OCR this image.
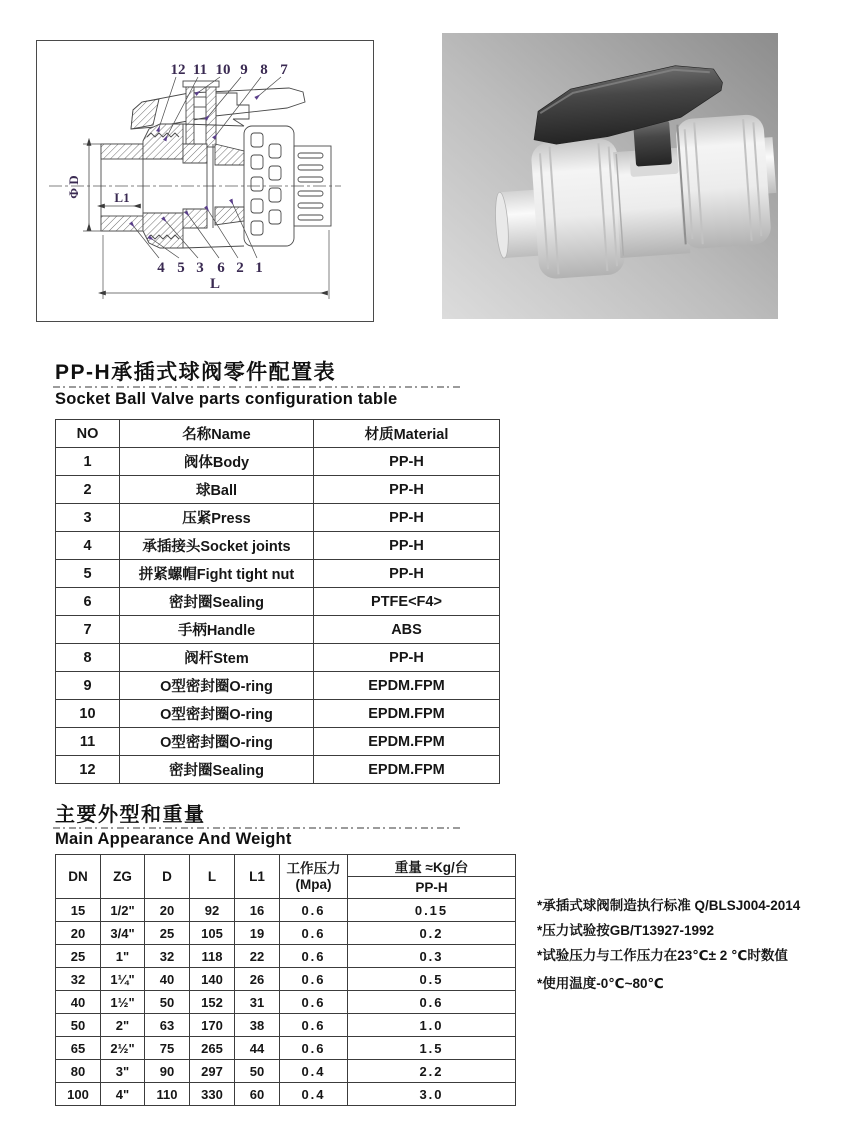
12 11 10 9 8 7
4 5 3 6 2 1
L1
L
Φ D
PP-H承插式球阀零件配置表
Socket Ball Valve parts configuration table
NO	名称Name	材质Material
1	阀体Body	PP-H
2	球Ball	PP-H
3	压紧Press	PP-H
4	承插接头Socket joints	PP-H
5	拼紧螺帽Fight tight nut	PP-H
6	密封圈Sealing	PTFE<F4>
7	手柄Handle	ABS
8	阀杆Stem	PP-H
9	O型密封圈O-ring	EPDM.FPM
10	O型密封圈O-ring	EPDM.FPM
11	O型密封圈O-ring	EPDM.FPM
12	密封圈Sealing	EPDM.FPM
主要外型和重量
Main Appearance And Weight
DN	ZG	D	L	L1	工作压力
(Mpa)	重量 ≈Kg/台
						PP-H
15	1/2"	20	92	16	0.6	0.15
20	3/4"	25	105	19	0.6	0.2
25	1"	32	118	22	0.6	0.3
32	1¼"	40	140	26	0.6	0.5
40	1½"	50	152	31	0.6	0.6
50	2"	63	170	38	0.6	1.0
65	2½"	75	265	44	0.6	1.5
80	3"	90	297	50	0.4	2.2
100	4"	110	330	60	0.4	3.0
*承插式球阀制造执行标准 Q/BLSJ004-2014
*压力试验按GB/T13927-1992
*试验压力与工作压力在23℃± 2 ℃时数值
*使用温度-0℃~80℃
